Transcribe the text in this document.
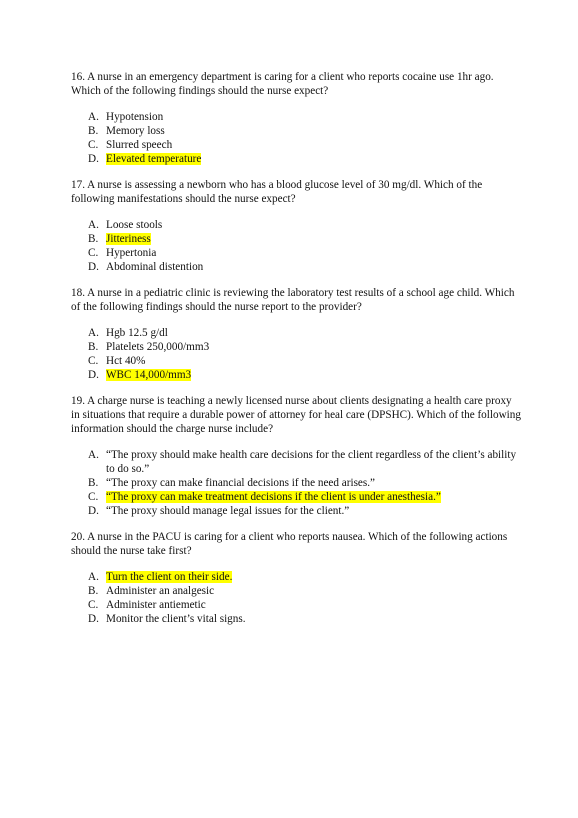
16. A nurse in an emergency department is caring for a client who reports cocaine use 1hr ago. Which of the following findings should the nurse expect?

A. Hypotension
B. Memory loss
C. Slurred speech
D. Elevated temperature

17. A nurse is assessing a newborn who has a blood glucose level of 30 mg/dl. Which of the following manifestations should the nurse expect?

A. Loose stools
B. Jitteriness
C. Hypertonia
D. Abdominal distention

18. A nurse in a pediatric clinic is reviewing the laboratory test results of a school age child. Which of the following findings should the nurse report to the provider?

A. Hgb 12.5 g/dl
B. Platelets 250,000/mm3
C. Hct 40%
D. WBC 14,000/mm3

19. A charge nurse is teaching a newly licensed nurse about clients designating a health care proxy in situations that require a durable power of attorney for heal care (DPSHC). Which of the following information should the charge nurse include?

A. “The proxy should make health care decisions for the client regardless of the client’s ability to do so.”
B. “The proxy can make financial decisions if the need arises.”
C. “The proxy can make treatment decisions if the client is under anesthesia.”
D. “The proxy should manage legal issues for the client.”

20. A nurse in the PACU is caring for a client who reports nausea. Which of the following actions should the nurse take first?

A. Turn the client on their side.
B. Administer an analgesic
C. Administer antiemetic
D. Monitor the client’s vital signs.
